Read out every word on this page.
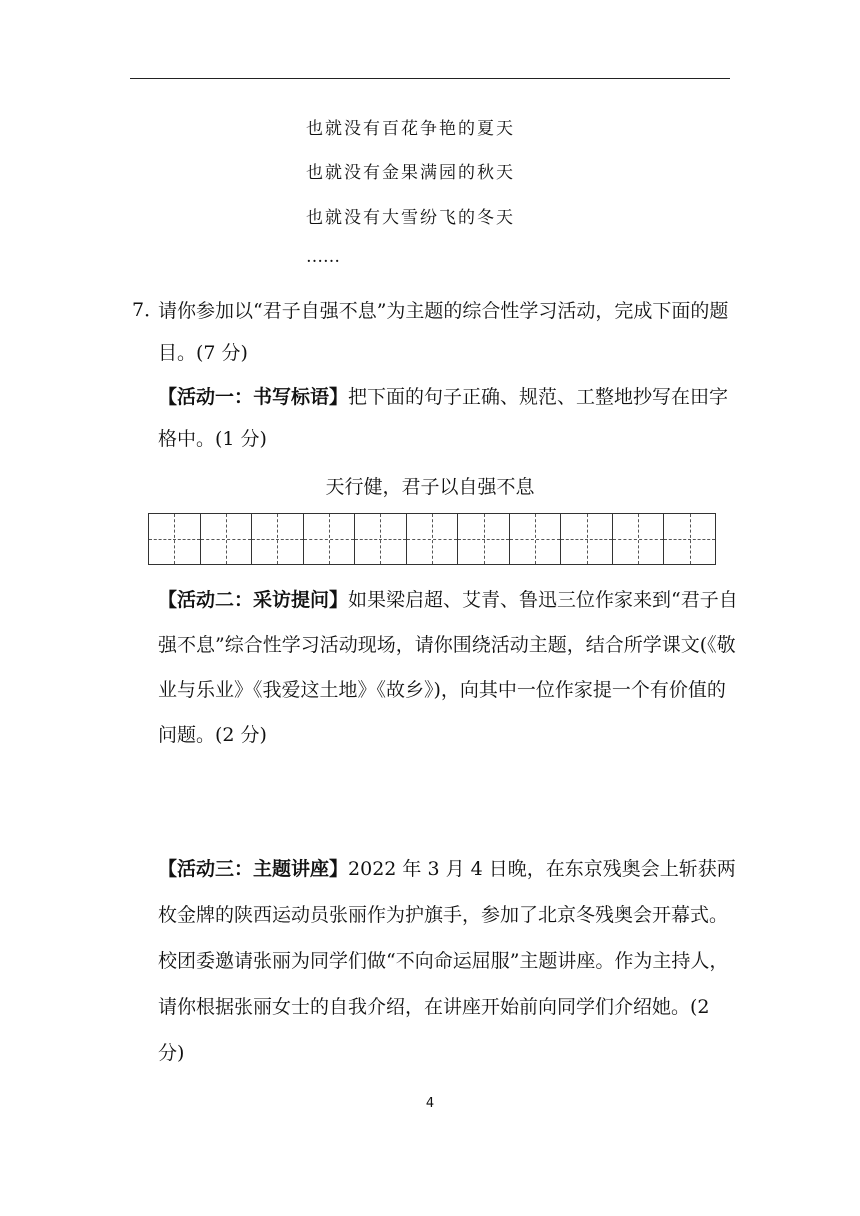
也就没有百花争艳的夏天
也就没有金果满园的秋天
也就没有大雪纷飞的冬天
……
7．
请你参加以“君子自强不息”为主题的综合性学习活动，完成下面的题目。(7 分)
【活动一：书写标语】把下面的句子正确、规范、工整地抄写在田字格中。(1 分)
天行健，君子以自强不息
【活动二：采访提问】如果梁启超、艾青、鲁迅三位作家来到“君子自强不息”综合性学习活动现场，请你围绕活动主题，结合所学课文(《敬业与乐业》《我爱这土地》《故乡》)，向其中一位作家提一个有价值的问题。(2 分)
【活动三：主题讲座】2022 年 3 月 4 日晚，在东京残奥会上斩获两枚金牌的陕西运动员张丽作为护旗手，参加了北京冬残奥会开幕式。校团委邀请张丽为同学们做“不向命运屈服”主题讲座。作为主持人，请你根据张丽女士的自我介绍，在讲座开始前向同学们介绍她。(2 分)
4
